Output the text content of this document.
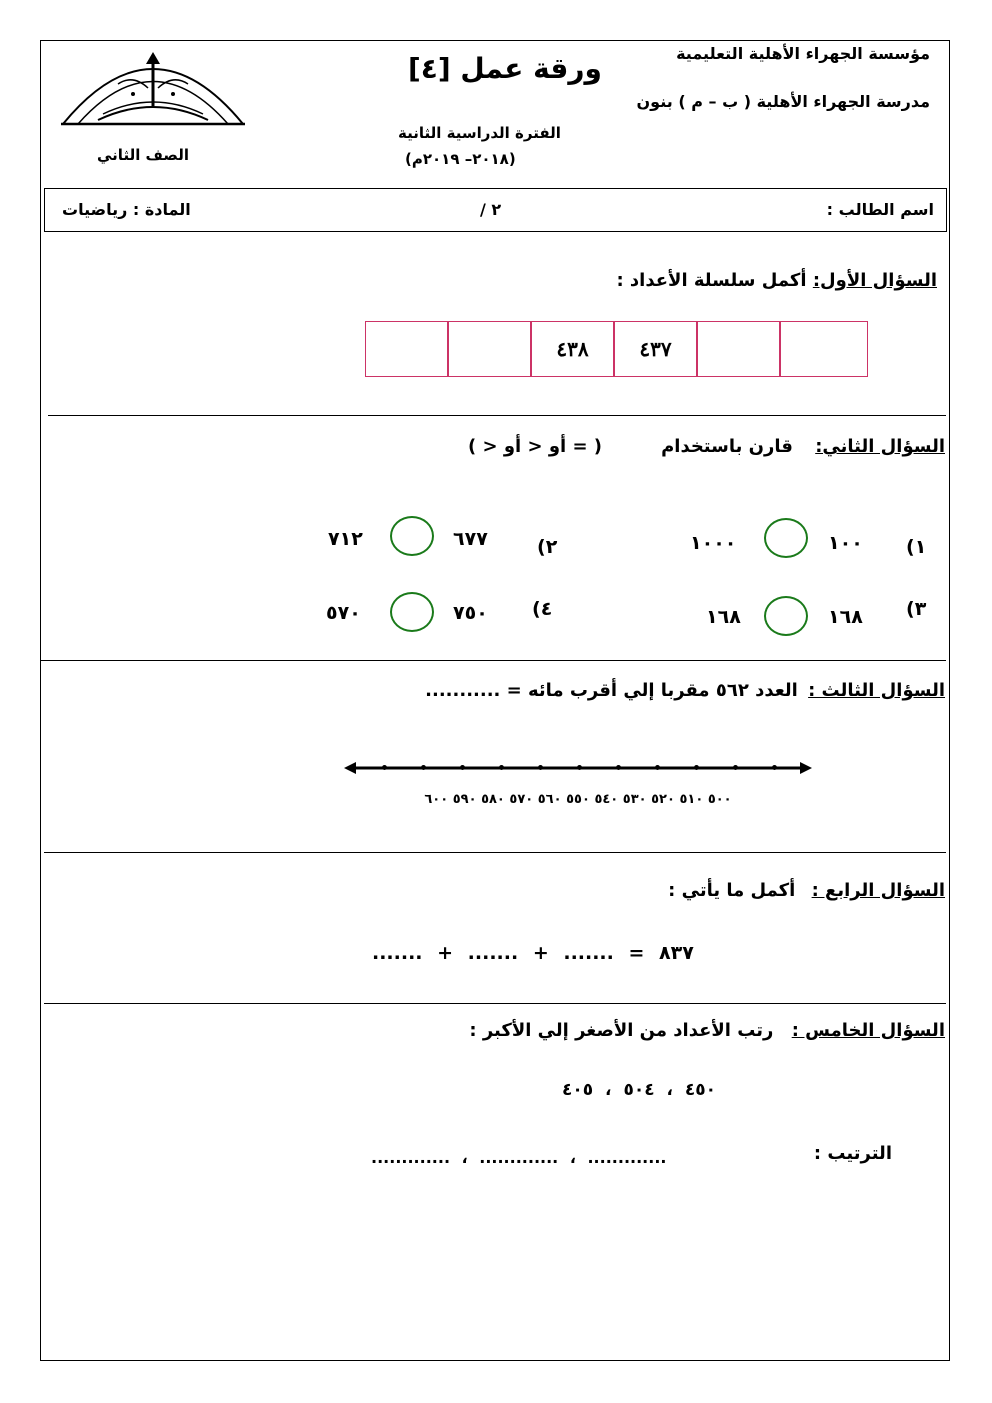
مؤسسة الجهراء الأهلية التعليمية
مدرسة الجهراء الأهلية ( ب – م ) بنون
ورقة عمل [٤]
الفترة الدراسية الثانية
(٢٠١٨– ٢٠١٩م)
الصف الثاني
اسم الطالب :
٢ /
المادة : رياضيات
السؤال الأول: أكمل سلسلة الأعداد :
٤٣٨	٤٣٧
السؤال الثاني: قارن باستخدام
( > أو < أو = )
(١
١٠٠
١٠٠٠
(٢
٦٧٧
٧١٢
(٣
١٦٨
١٦٨
(٤
٧٥٠
٥٧٠
السؤال الثالث : العدد ٥٦٢ مقربا إلي أقرب مائه = ...........
٥٠٠ ٥١٠ ٥٢٠ ٥٣٠ ٥٤٠ ٥٥٠ ٥٦٠ ٥٧٠ ٥٨٠ ٥٩٠ ٦٠٠
السؤال الرابع : أكمل ما يأتي :
٨٣٧ = ....... + ....... + .......
السؤال الخامس : رتب الأعداد من الأصغر إلي الأكبر :
٤٥٠ ، ٥٠٤ ، ٤٠٥
الترتيب :
............. ، ............. ، .............
